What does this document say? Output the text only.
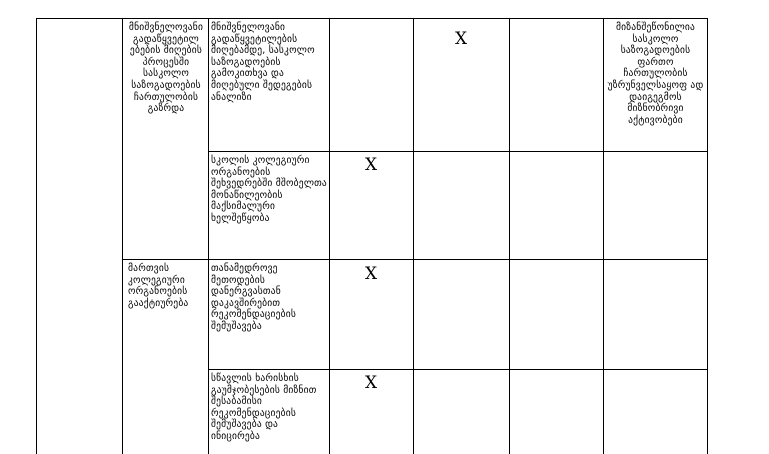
მნიშვნელოვანი გადაწყვეტილ ებების მიღების პროცესში სასკოლო საზოგადოების ჩართულობის გაზრდა
მართვის კოლეგიური ორგანოების გააქტიურება
მნიშვნელოვანი გადაწყვეტილების მიღებამდე, სასკოლო საზოგადოების გამოკითხვა და მიღებული შედეგების ანალიზი
სკოლის კოლეგიური ორგანოების შეხვედრებში მშობელთა მონაწილეობის მაქსიმალური ხელშეწყობა
თანამედროვე მეთოდების დანერგვასთან დაკავშირებით რეკომენდაციების შემუშავება
სწავლის ხარისხის გაუმჯობესების მიზნით შესაბამისი რეკომენდაციების შემუშავება და ინიცირება
X
X
X
X
მიზანშეწონილია სასკოლო საზოგადოების ფართო ჩართულობის უზრუნველსაყოფ ად დაიგეგმოს მიზნობრივი აქტივობები
